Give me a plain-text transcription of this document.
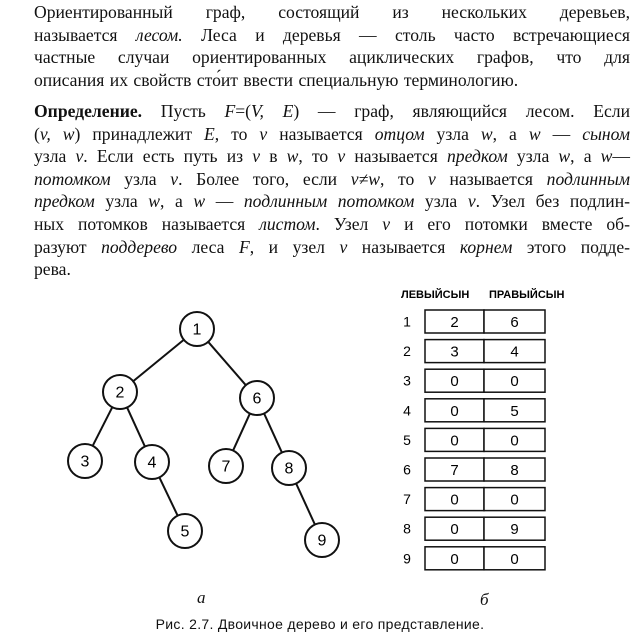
Ориентированный граф, состоящий из нескольких деревьев,
называется лесом. Леса и деревья — столь часто встречающиеся
частные случаи ориентированных ациклических графов, что для
описания их свойств сто́ит ввести специальную терминологию.
Определение. Пусть F=(V, E) — граф, являющийся лесом. Если
(v, w) принадлежит E, то v называется отцом узла w, а w — сыном
узла v. Если есть путь из v в w, то v называется предком узла w, а w—
потомком узла v. Более того, если v≠w, то v называется подлинным
предком узла w, а w — подлинным потомком узла v. Узел без подлин-
ных потомков называется листом. Узел v и его потомки вместе об-
разуют поддерево леса F, и узел v называется корнем этого подде-
рева.
1
2	6
3	4	7	8
5
9
ЛЕВЫЙСЫН ПРАВЫЙСЫН
1	2	6
2	3	4
3	0	0
4	0	5
5	0	0
6	7	8
7	0	0
8	0	9
9	0	0
а	б
Рис. 2.7. Двоичное дерево и его представление.
